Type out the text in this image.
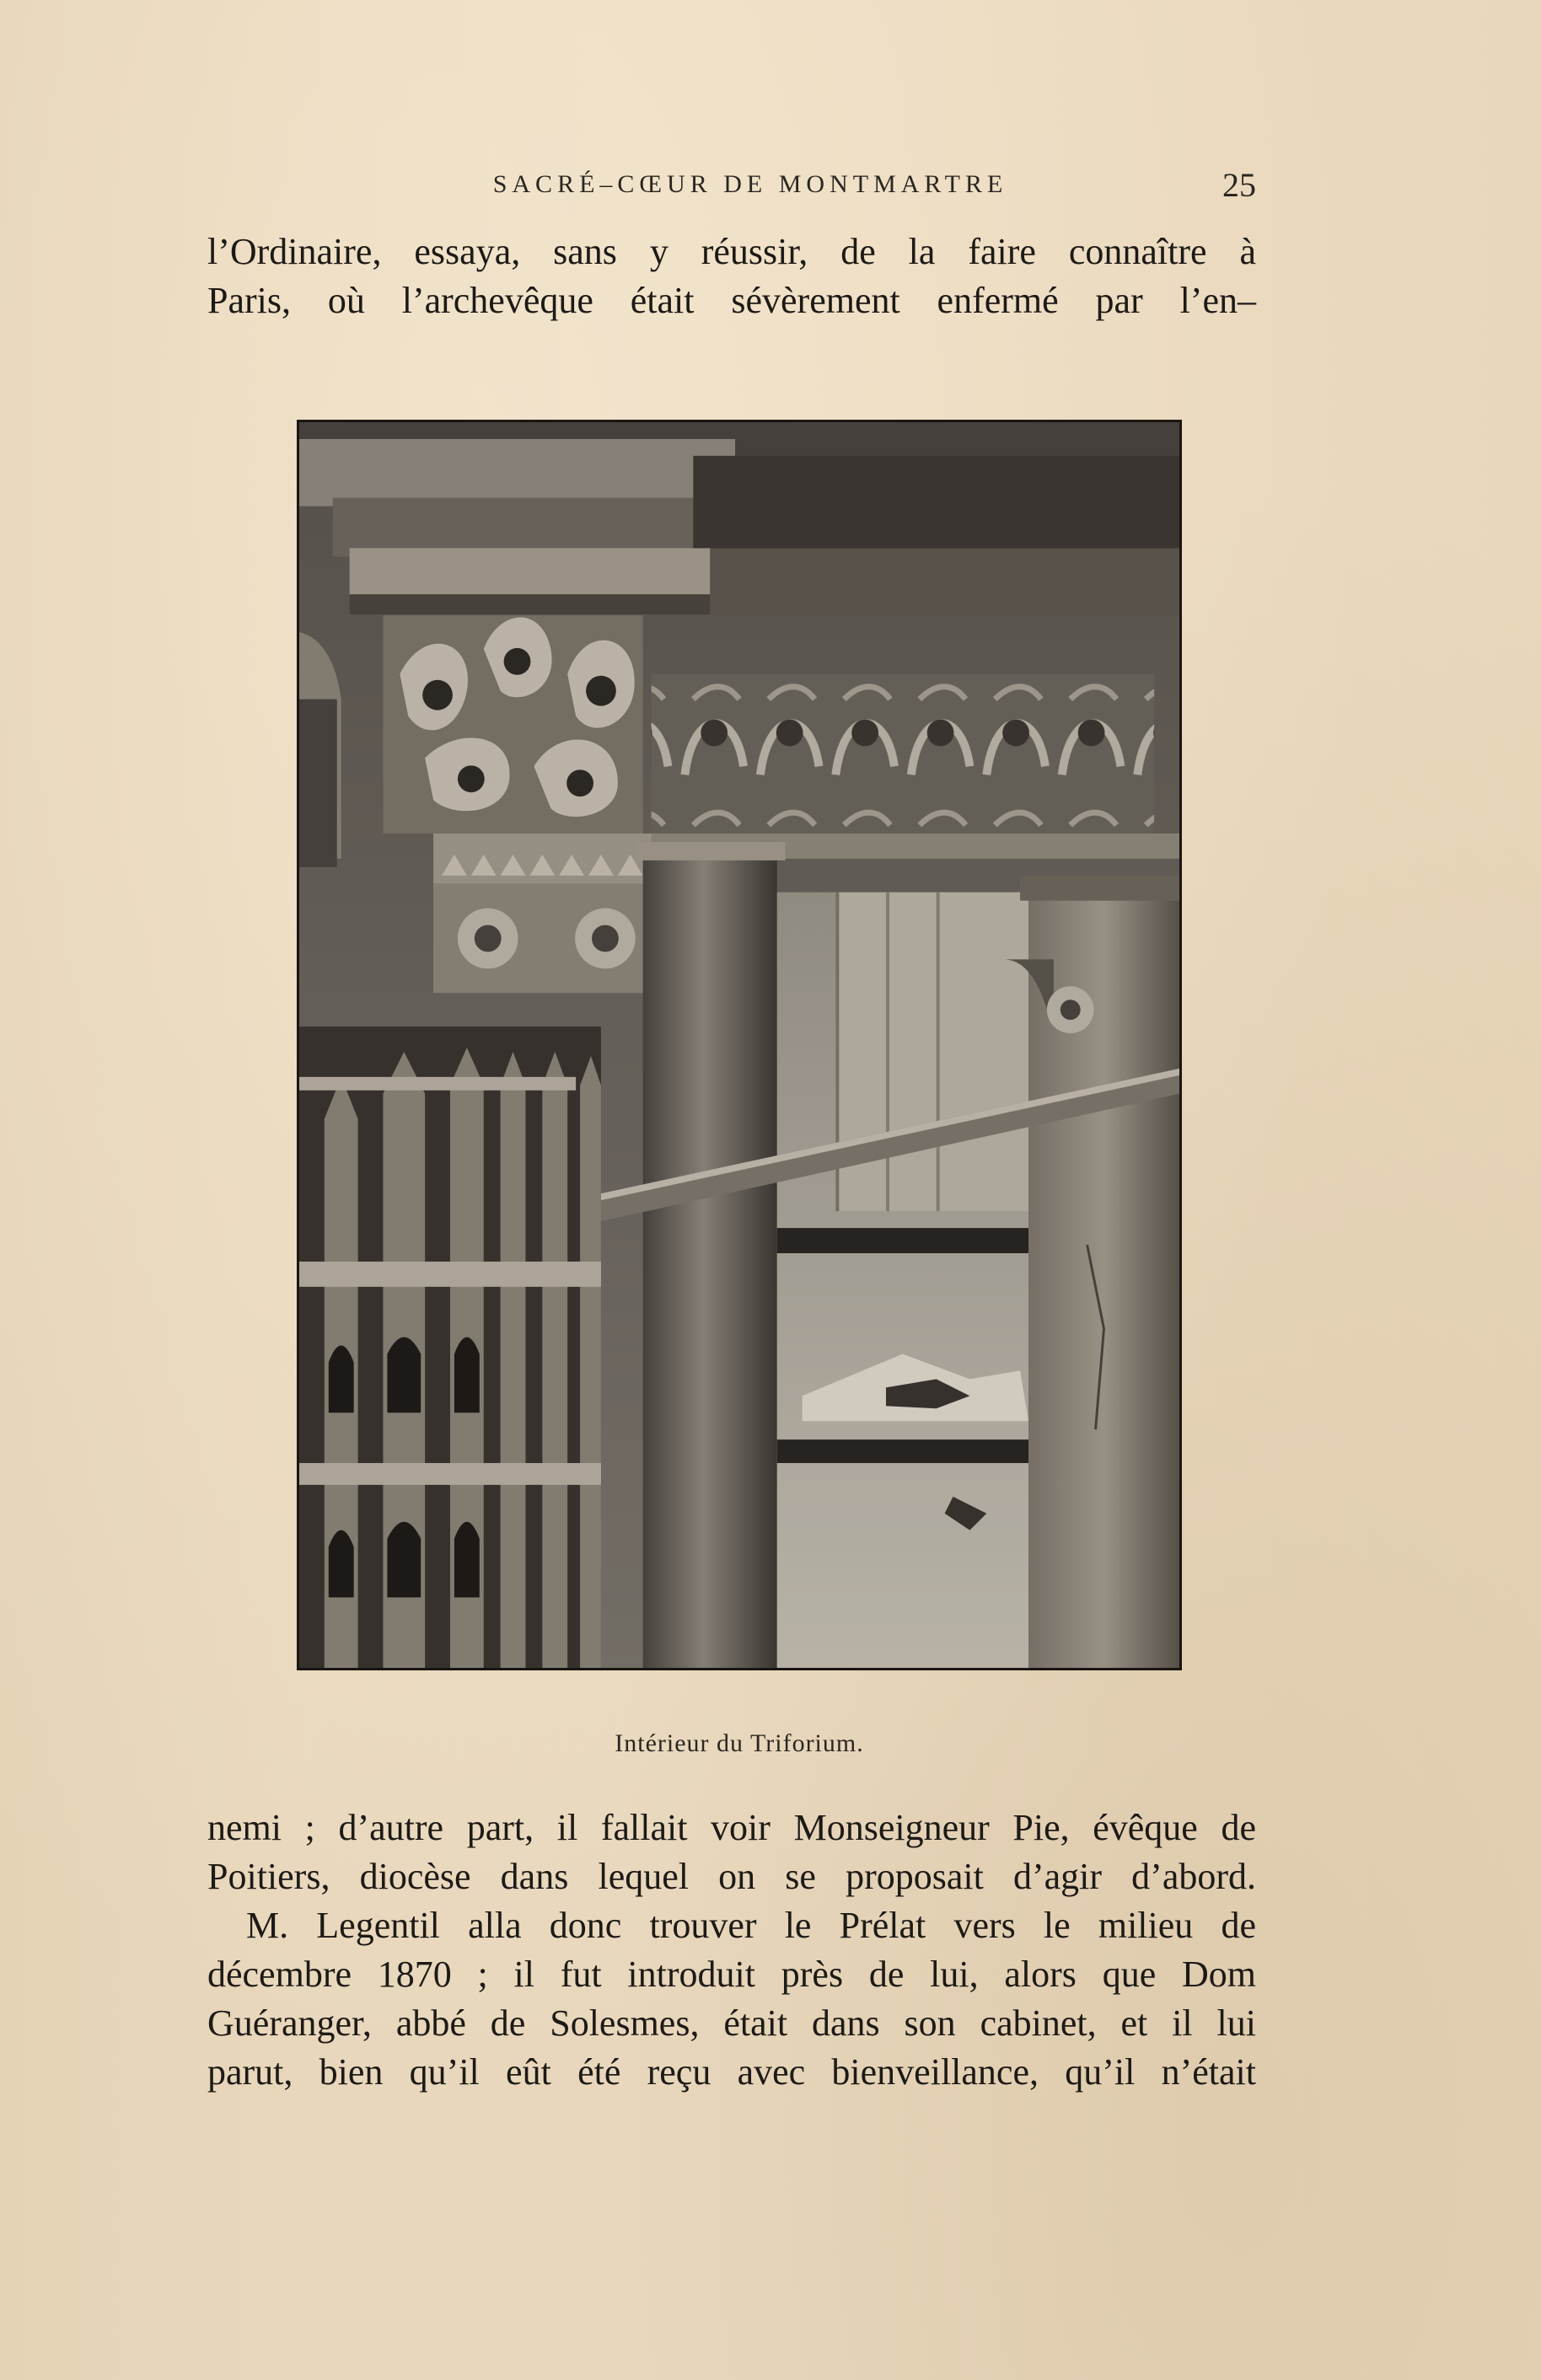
SACRÉ–CŒUR DE MONTMARTRE	25
l’Ordinaire, essaya, sans y réussir, de la faire connaître à
Paris, où l’archevêque était sévèrement enfermé par l’en–
Intérieur du Triforium.
nemi ; d’autre part, il fallait voir Monseigneur Pie, évêque de
Poitiers, diocèse dans lequel on se proposait d’agir d’abord.
M. Legentil alla donc trouver le Prélat vers le milieu de
décembre 1870 ; il fut introduit près de lui, alors que Dom
Guéranger, abbé de Solesmes, était dans son cabinet, et il lui
parut, bien qu’il eût été reçu avec bienveillance, qu’il n’était
